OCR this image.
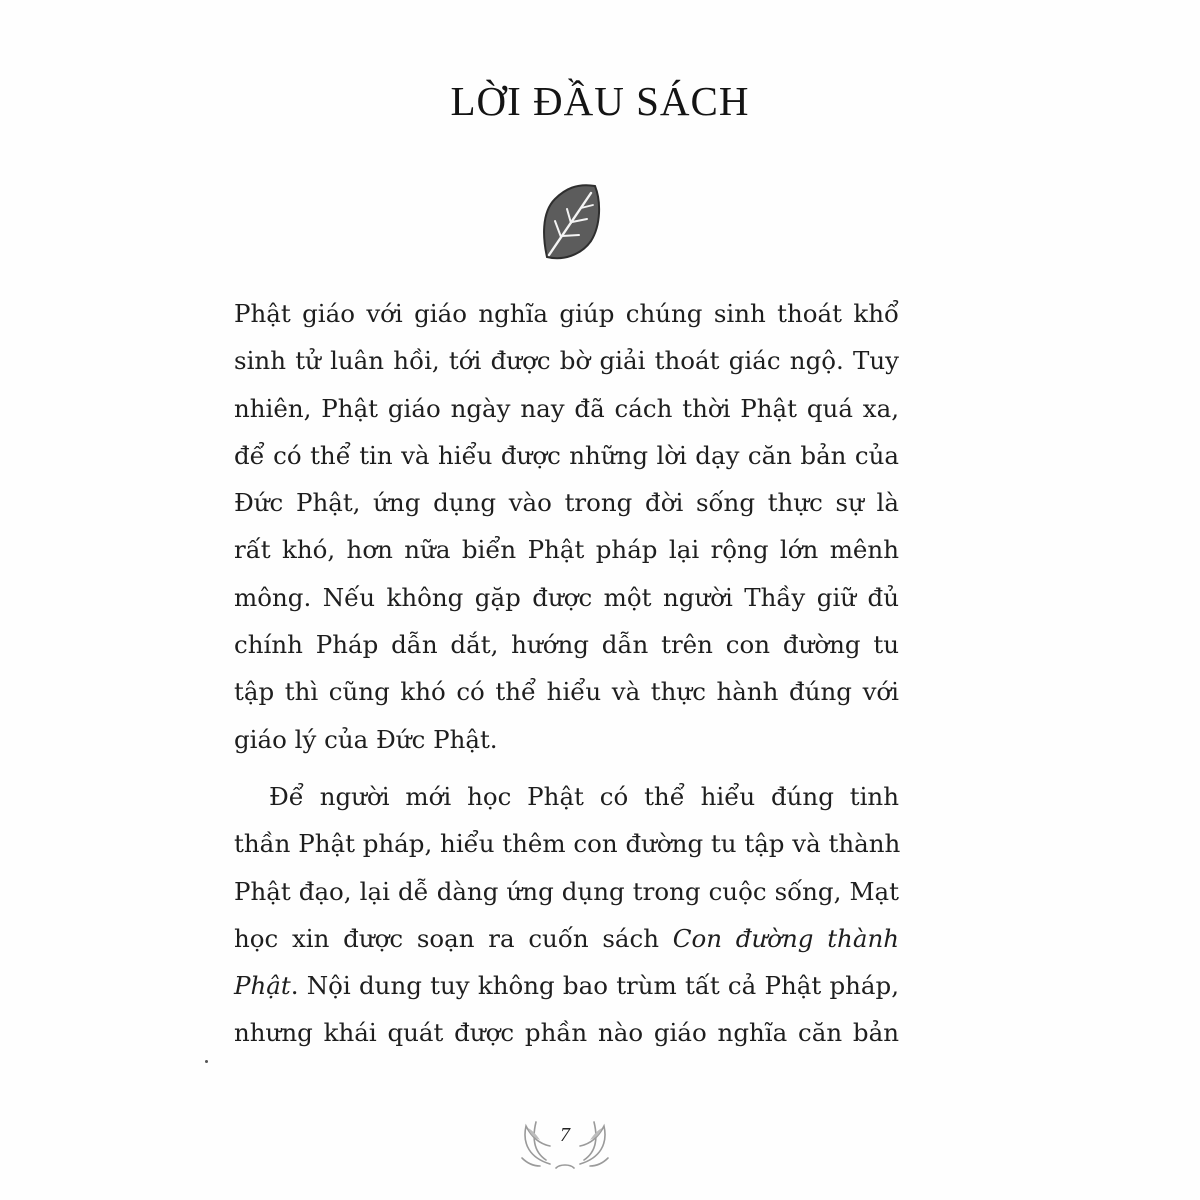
LỜI ĐẦU SÁCH
Phật giáo với giáo nghĩa giúp chúng sinh thoát khổ
sinh tử luân hồi, tới được bờ giải thoát giác ngộ. Tuy
nhiên, Phật giáo ngày nay đã cách thời Phật quá xa,
để có thể tin và hiểu được những lời dạy căn bản của
Đức Phật, ứng dụng vào trong đời sống thực sự là
rất khó, hơn nữa biển Phật pháp lại rộng lớn mênh
mông. Nếu không gặp được một người Thầy giữ đủ
chính Pháp dẫn dắt, hướng dẫn trên con đường tu
tập thì cũng khó có thể hiểu và thực hành đúng với
giáo lý của Đức Phật.
Để người mới học Phật có thể hiểu đúng tinh
thần Phật pháp, hiểu thêm con đường tu tập và thành
Phật đạo, lại dễ dàng ứng dụng trong cuộc sống, Mạt
học xin được soạn ra cuốn sách Con đường thành
Phật. Nội dung tuy không bao trùm tất cả Phật pháp,
nhưng khái quát được phần nào giáo nghĩa căn bản
7
